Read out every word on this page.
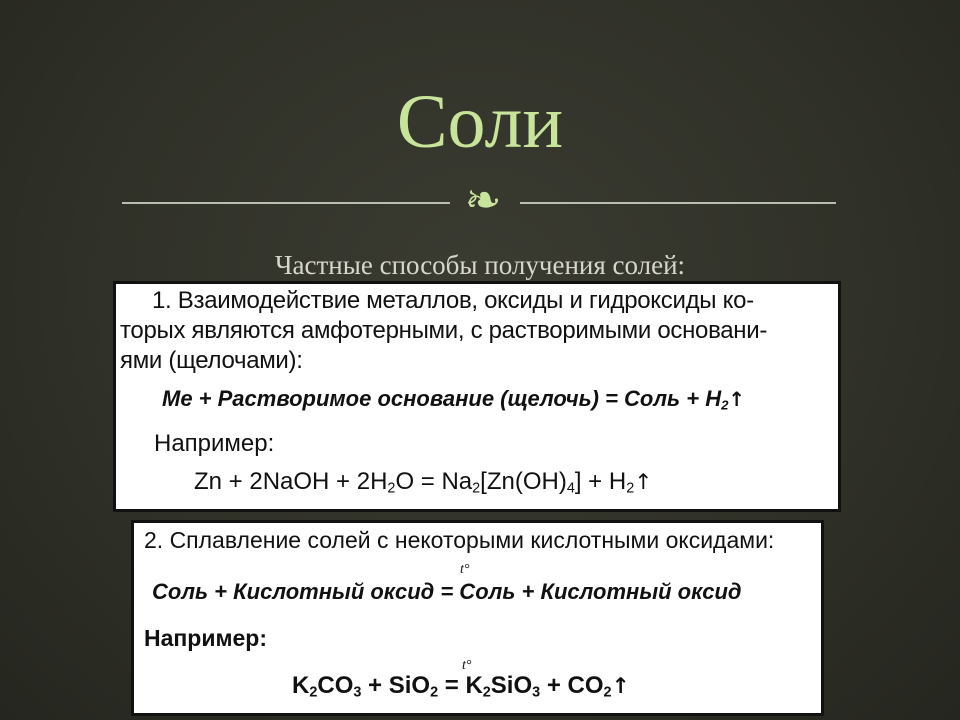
Соли
❧
Частные способы получения солей:
1. Взаимодействие металлов, оксиды и гидроксиды ко-
торых являются амфотерными, с растворимыми основани-
ями (щелочами):
Me + Растворимое основание (щелочь) = Соль + $H_2↑$
Например:
Zn + 2NaOH + $2H_2O = Na_2[Zn(OH)_4]$ + $H_2↑$
2. Сплавление солей с некоторыми кислотными оксидами:
t°
Соль + Кислотный оксид = Соль + Кислотный оксид
Например:
t°
$K_2CO_3 + SiO_2 = K_2SiO_3$ + $CO_2↑$
